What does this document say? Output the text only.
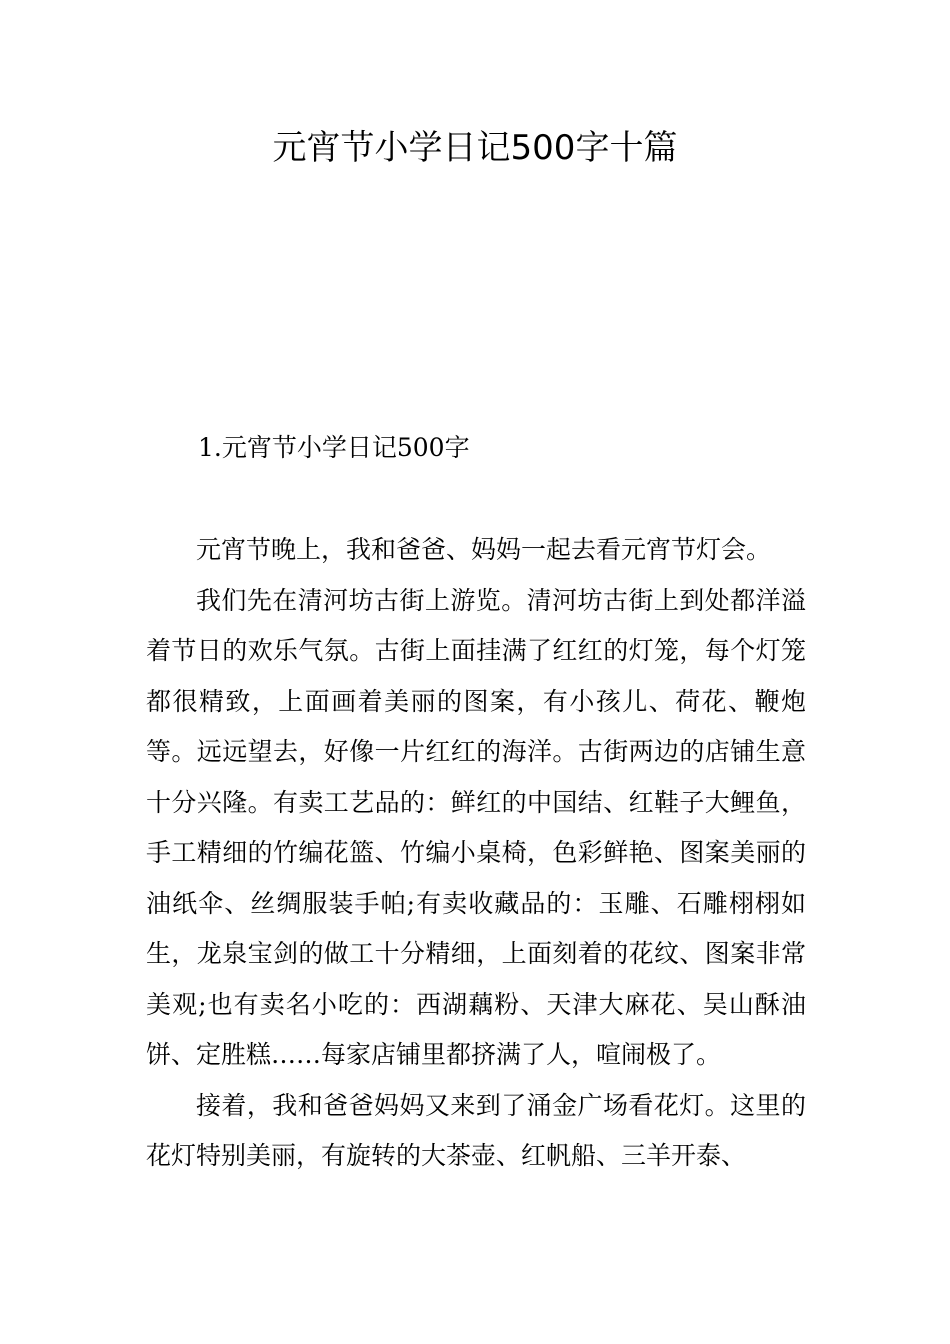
元宵节小学日记500字十篇
1.元宵节小学日记500字

元宵节晚上，我和爸爸、妈妈一起去看元宵节灯会。

我们先在清河坊古街上游览。清河坊古街上到处都洋溢着节日的欢乐气氛。古街上面挂满了红红的灯笼，每个灯笼都很精致，上面画着美丽的图案，有小孩儿、荷花、鞭炮等。远远望去，好像一片红红的海洋。古街两边的店铺生意十分兴隆。有卖工艺品的：鲜红的中国结、红鞋子大鲤鱼，手工精细的竹编花篮、竹编小桌椅，色彩鲜艳、图案美丽的油纸伞、丝绸服装手帕;有卖收藏品的：玉雕、石雕栩栩如生，龙泉宝剑的做工十分精细，上面刻着的花纹、图案非常美观;也有卖名小吃的：西湖藕粉、天津大麻花、吴山酥油饼、定胜糕……每家店铺里都挤满了人，喧闹极了。

接着，我和爸爸妈妈又来到了涌金广场看花灯。这里的花灯特别美丽，有旋转的大茶壶、红帆船、三羊开泰、
